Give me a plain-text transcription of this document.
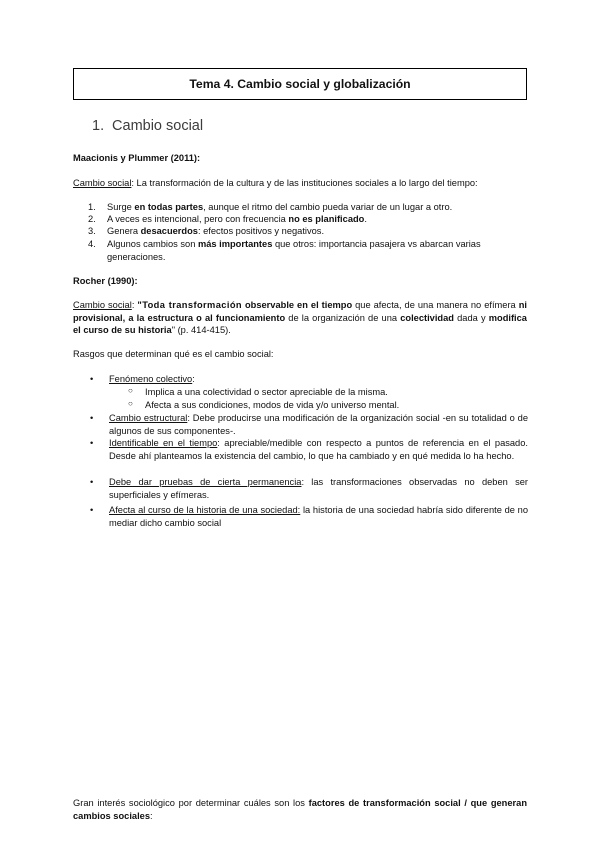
Tema 4. Cambio social y globalización
1. Cambio social
Maacionis y Plummer (2011):
Cambio social: La transformación de la cultura y de las instituciones sociales a lo largo del tiempo:
1. Surge en todas partes, aunque el ritmo del cambio pueda variar de un lugar a otro.
2. A veces es intencional, pero con frecuencia no es planificado.
3. Genera desacuerdos: efectos positivos y negativos.
4. Algunos cambios son más importantes que otros: importancia pasajera vs abarcan varias generaciones.
Rocher (1990):
Cambio social: "Toda transformación observable en el tiempo que afecta, de una manera no efímera ni provisional, a la estructura o al funcionamiento de la organización de una colectividad dada y modifica el curso de su historia" (p. 414-415).
Rasgos que determinan qué es el cambio social:
• Fenómeno colectivo:
○ Implica a una colectividad o sector apreciable de la misma.
○ Afecta a sus condiciones, modos de vida y/o universo mental.
• Cambio estructural: Debe producirse una modificación de la organización social -en su totalidad o de algunos de sus componentes-.
• Identificable en el tiempo: apreciable/medible con respecto a puntos de referencia en el pasado. Desde ahí planteamos la existencia del cambio, lo que ha cambiado y en qué medida lo ha hecho.
• Debe dar pruebas de cierta permanencia: las transformaciones observadas no deben ser superficiales y efímeras.
• Afecta al curso de la historia de una sociedad: la historia de una sociedad habría sido diferente de no mediar dicho cambio social
Gran interés sociológico por determinar cuáles son los factores de transformación social / que generan cambios sociales:
